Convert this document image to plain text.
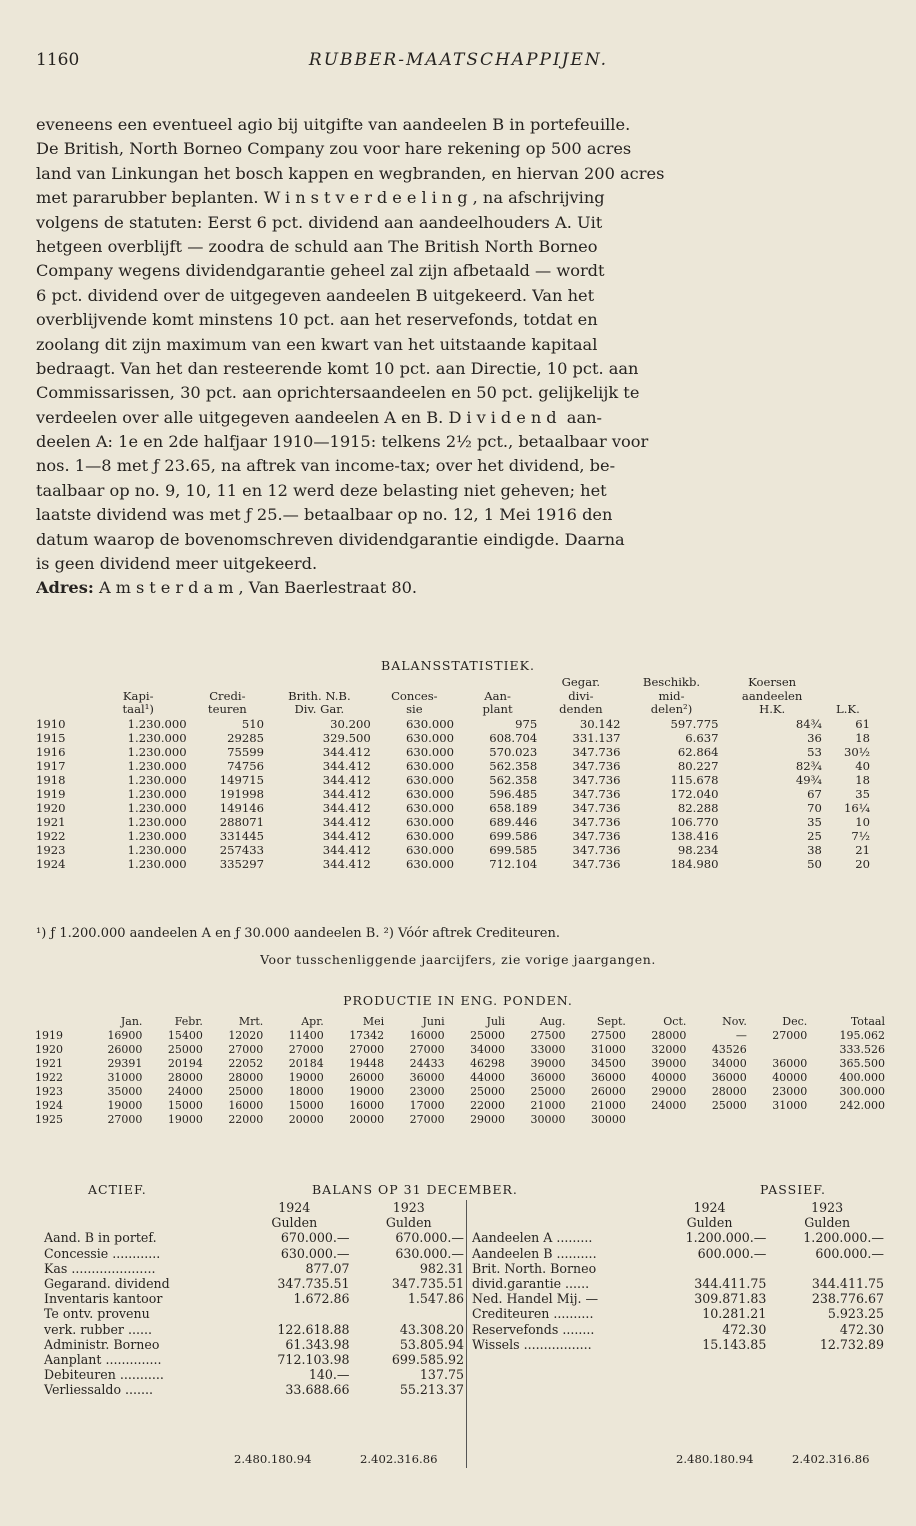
1160	RUBBER-MAATSCHAPPIJEN.
eveneens een eventueel agio bij uitgifte van aandeelen B in portefeuille.
De British, North Borneo Company zou voor hare rekening op 500 acres
land van Linkungan het bosch kappen en wegbranden, en hiervan 200 acres
met pararubber beplanten. Winstverdeeling, na afschrijving
volgens de statuten: Eerst 6 pct. dividend aan aandeelhouders A. Uit
hetgeen overblijft — zoodra de schuld aan The British North Borneo
Company wegens dividendgarantie geheel zal zijn afbetaald — wordt
6 pct. dividend over de uitgegeven aandeelen B uitgekeerd. Van het
overblijvende komt minstens 10 pct. aan het reservefonds, totdat en
zoolang dit zijn maximum van een kwart van het uitstaande kapitaal
bedraagt. Van het dan resteerende komt 10 pct. aan Directie, 10 pct. aan
Commissarissen, 30 pct. aan oprichtersaandeelen en 50 pct. gelijkelijk te
verdeelen over alle uitgegeven aandeelen A en B. Dividend aan-
deelen A: 1e en 2de halfjaar 1910—1915: telkens 2½ pct., betaalbaar voor
nos. 1—8 met ƒ 23.65, na aftrek van income-tax; over het dividend, be-
taalbaar op no. 9, 10, 11 en 12 werd deze belasting niet geheven; het
laatste dividend was met ƒ 25.— betaalbaar op no. 12, 1 Mei 1916 den
datum waarop de bovenomschreven dividendgarantie eindigde. Daarna
is geen dividend meer uitgekeerd.
Adres: Amsterdam, Van Baerlestraat 80.
BALANSSTATISTIEK.
						Gegar.	Beschikb.	Koersen	
	Kapi-	Credi-	Brith. N.B.	Conces-	Aan-	divi-	mid-	aandeelen	
	taal¹)	teuren	Div. Gar.	sie	plant	denden	delen²)	H.K.	L.K.
1910	1.230.000	510	30.200	630.000	975	30.142	597.775	84¾	61
1915	1.230.000	29285	329.500	630.000	608.704	331.137	6.637	36	18
1916	1.230.000	75599	344.412	630.000	570.023	347.736	62.864	53	30½
1917	1.230.000	74756	344.412	630.000	562.358	347.736	80.227	82¾	40
1918	1.230.000	149715	344.412	630.000	562.358	347.736	115.678	49¾	18
1919	1.230.000	191998	344.412	630.000	596.485	347.736	172.040	67	35
1920	1.230.000	149146	344.412	630.000	658.189	347.736	82.288	70	16¼
1921	1.230.000	288071	344.412	630.000	689.446	347.736	106.770	35	10
1922	1.230.000	331445	344.412	630.000	699.586	347.736	138.416	25	7½
1923	1.230.000	257433	344.412	630.000	699.585	347.736	98.234	38	21
1924	1.230.000	335297	344.412	630.000	712.104	347.736	184.980	50	20
¹) ƒ 1.200.000 aandeelen A en ƒ 30.000 aandeelen B. ²) Vóór aftrek Crediteuren.
Voor tusschenliggende jaarcijfers, zie vorige jaargangen.
PRODUCTIE IN ENG. PONDEN.
	Jan.	Febr.	Mrt.	Apr.	Mei	Juni	Juli	Aug.	Sept.	Oct.	Nov.	Dec.	Totaal
1919	16900	15400	12020	11400	17342	16000	25000	27500	27500	28000	—	27000	195.062
1920	26000	25000	27000	27000	27000	27000	34000	33000	31000	32000	43526		333.526
1921	29391	20194	22052	20184	19448	24433	46298	39000	34500	39000	34000	36000	365.500
1922	31000	28000	28000	19000	26000	36000	44000	36000	36000	40000	36000	40000	400.000
1923	35000	24000	25000	18000	19000	23000	25000	25000	26000	29000	28000	23000	300.000
1924	19000	15000	16000	15000	16000	17000	22000	21000	21000	24000	25000	31000	242.000
1925	27000	19000	22000	20000	20000	27000	29000	30000	30000				
ACTIEF.	BALANS OP 31 DECEMBER.	PASSIEF.
	1924	1923
	Gulden	Gulden
Aand. B in portef.	670.000.—	670.000.—
Concessie ............	630.000.—	630.000.—
Kas .....................	877.07	982.31
Gegarand. dividend	347.735.51	347.735.51
Inventaris kantoor	1.672.86	1.547.86
Te ontv. provenu		
verk. rubber ......	122.618.88	43.308.20
Administr. Borneo	61.343.98	53.805.94
Aanplant ..............	712.103.98	699.585.92
Debiteuren ...........	140.—	137.75
Verliessaldo .......	33.688.66	55.213.37
	1924	1923
	Gulden	Gulden
Aandeelen A .........	1.200.000.—	1.200.000.—
Aandeelen B ..........	600.000.—	600.000.—
Brit. North. Borneo		
divid.garantie ......	344.411.75	344.411.75
Ned. Handel Mij. —	309.871.83	238.776.67
Crediteuren ..........	10.281.21	5.923.25
Reservefonds ........	472.30	472.30
Wissels .................	15.143.85	12.732.89
2.480.180.94	2.402.316.86	2.480.180.94	2.402.316.86
